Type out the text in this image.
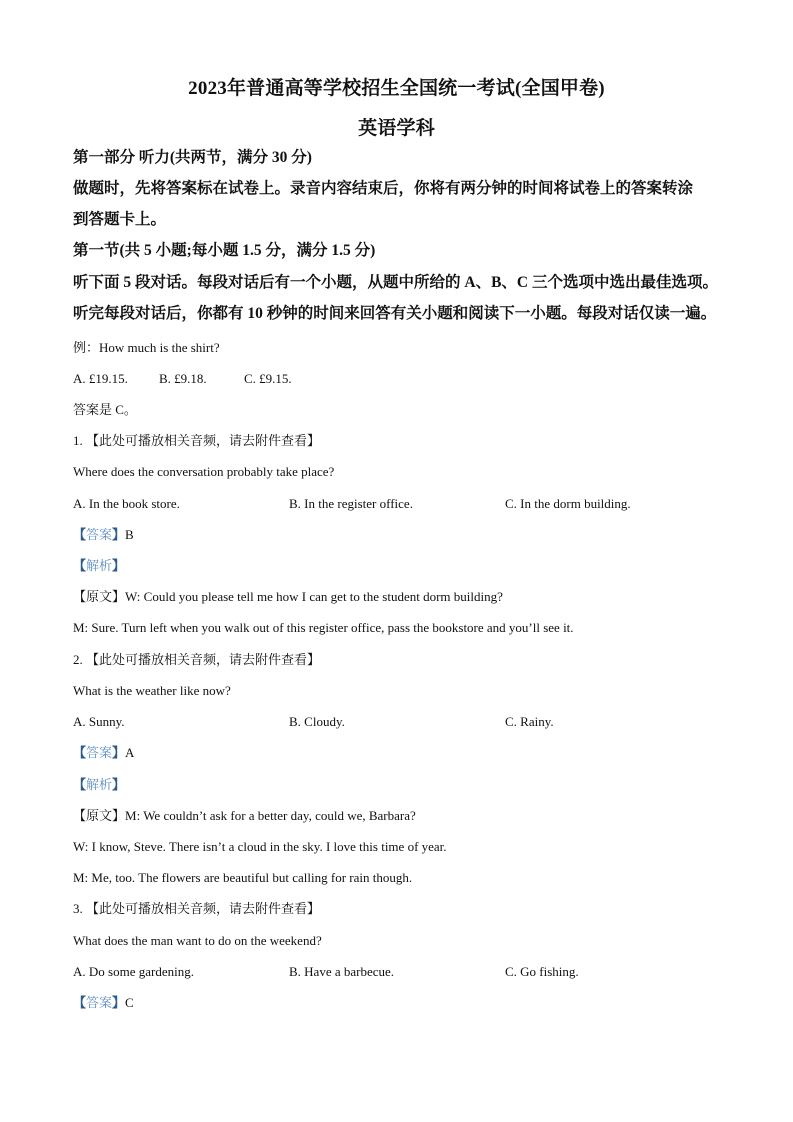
2023年普通高等学校招生全国统一考试(全国甲卷)
英语学科
第一部分 听力(共两节，满分 30 分)
做题时，先将答案标在试卷上。录音内容结束后，你将有两分钟的时间将试卷上的答案转涂
到答题卡上。
第一节(共 5 小题;每小题 1.5 分，满分 1.5 分)
听下面 5 段对话。每段对话后有一个小题，从题中所给的 A、B、C 三个选项中选出最佳选项。
听完每段对话后，你都有 10 秒钟的时间来回答有关小题和阅读下一小题。每段对话仅读一遍。
例：How much is the shirt?
A. £19.15. B. £9.18.	C. £9.15.
答案是 C。
1. 【此处可播放相关音频，请去附件查看】
Where does the conversation probably take place?
A. In the book store.	B. In the register office.	C. In the dorm building.
【答案】B
【解析】
【原文】W: Could you please tell me how I can get to the student dorm building?
M: Sure. Turn left when you walk out of this register office, pass the bookstore and you’ll see it.
2. 【此处可播放相关音频，请去附件查看】
What is the weather like now?
A. Sunny.	B. Cloudy.	C. Rainy.
【答案】A
【解析】
【原文】M: We couldn’t ask for a better day, could we, Barbara?
W: I know, Steve. There isn’t a cloud in the sky. I love this time of year.
M: Me, too. The flowers are beautiful but calling for rain though.
3. 【此处可播放相关音频，请去附件查看】
What does the man want to do on the weekend?
A. Do some gardening.	B. Have a barbecue.	C. Go fishing.
【答案】C
